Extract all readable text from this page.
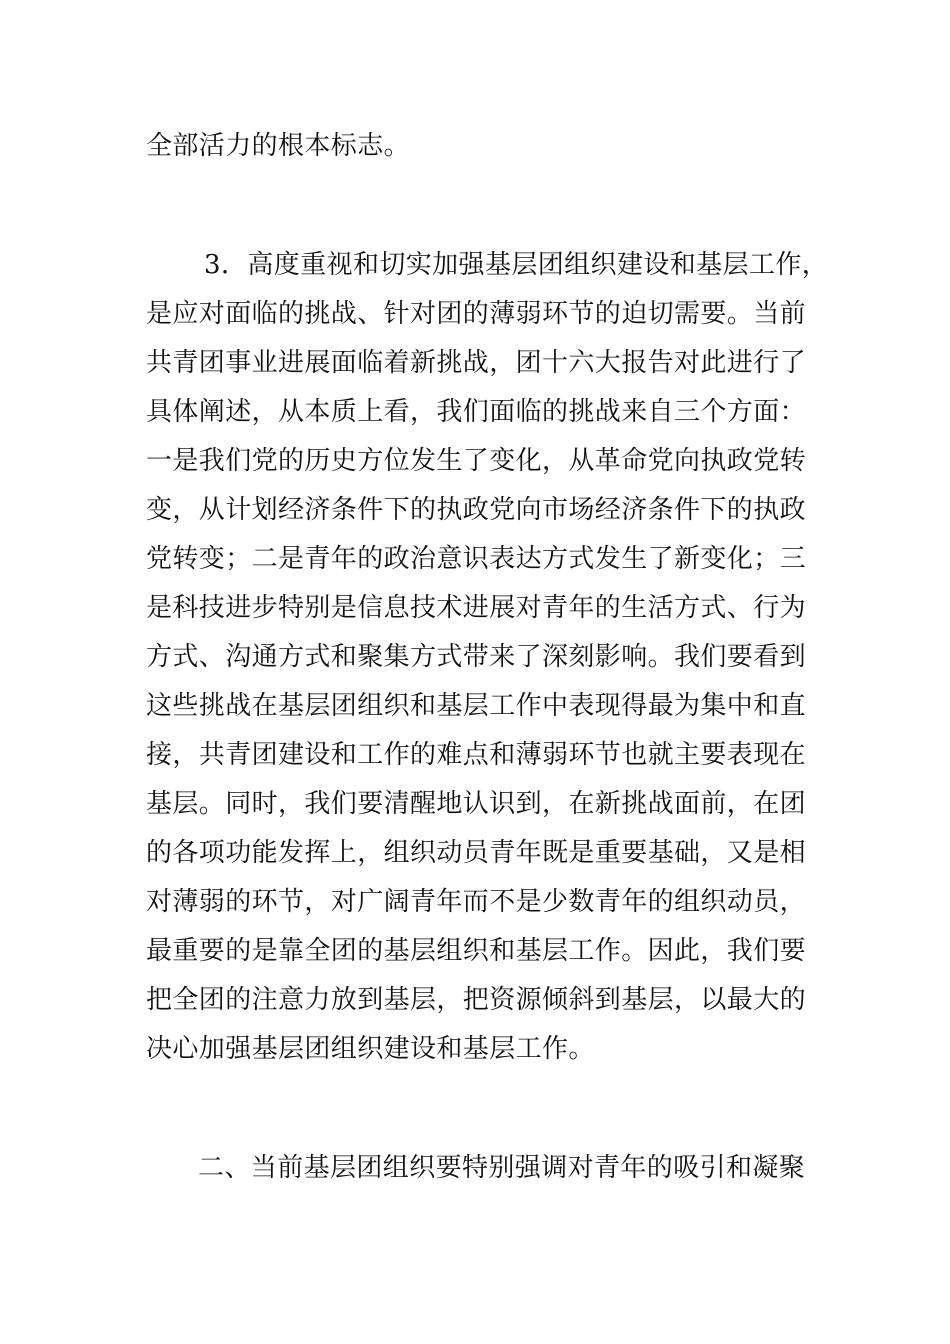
全部活力的根本标志。
3．高度重视和切实加强基层团组织建设和基层工作，
是应对面临的挑战、针对团的薄弱环节的迫切需要。当前
共青团事业进展面临着新挑战，团十六大报告对此进行了
具体阐述，从本质上看，我们面临的挑战来自三个方面：
一是我们党的历史方位发生了变化，从革命党向执政党转
变，从计划经济条件下的执政党向市场经济条件下的执政
党转变；二是青年的政治意识表达方式发生了新变化；三
是科技进步特别是信息技术进展对青年的生活方式、行为
方式、沟通方式和聚集方式带来了深刻影响。我们要看到
这些挑战在基层团组织和基层工作中表现得最为集中和直
接，共青团建设和工作的难点和薄弱环节也就主要表现在
基层。同时，我们要清醒地认识到，在新挑战面前，在团
的各项功能发挥上，组织动员青年既是重要基础，又是相
对薄弱的环节，对广阔青年而不是少数青年的组织动员，
最重要的是靠全团的基层组织和基层工作。因此，我们要
把全团的注意力放到基层，把资源倾斜到基层，以最大的
决心加强基层团组织建设和基层工作。
二、当前基层团组织要特别强调对青年的吸引和凝聚
